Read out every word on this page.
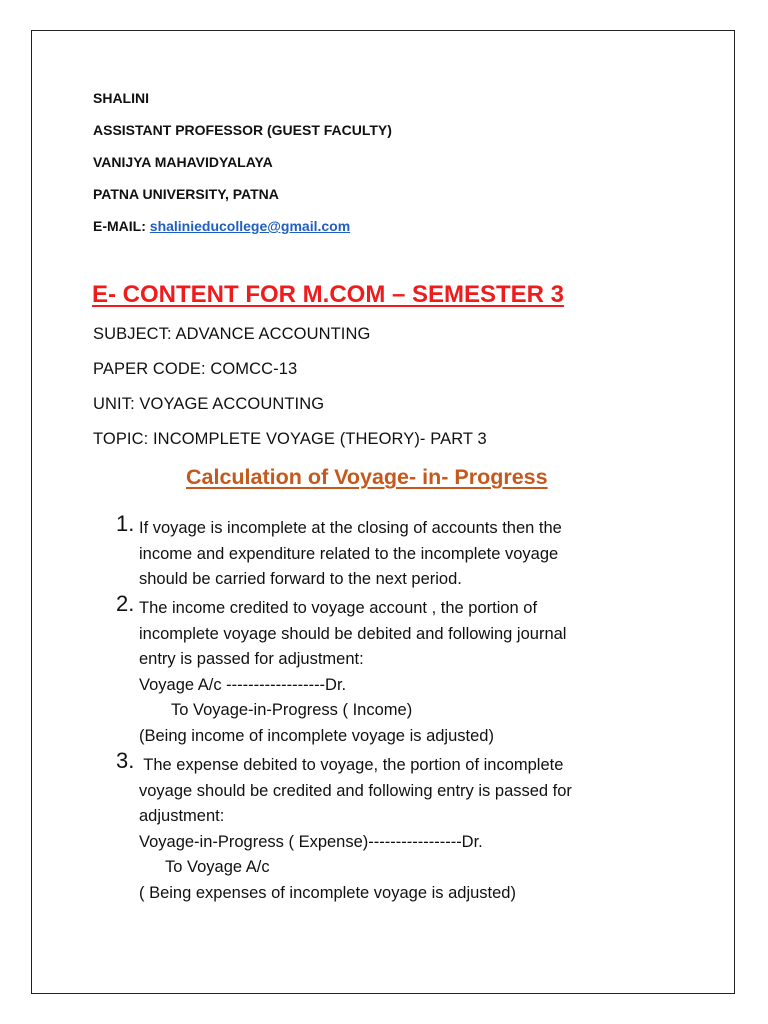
SHALINI
ASSISTANT PROFESSOR (GUEST FACULTY)
VANIJYA MAHAVIDYALAYA
PATNA UNIVERSITY, PATNA
E-MAIL: shalinieducollege@gmail.com
E- CONTENT FOR M.COM – SEMESTER 3
SUBJECT: ADVANCE ACCOUNTING
PAPER CODE: COMCC-13
UNIT: VOYAGE ACCOUNTING
TOPIC: INCOMPLETE VOYAGE (THEORY)- PART 3
Calculation of Voyage- in- Progress
1. If voyage is incomplete at the closing of accounts then the
income and expenditure related to the incomplete voyage
should be carried forward to the next period.
2. The income credited to voyage account , the portion of
incomplete voyage should be debited and following journal
entry is passed for adjustment:
Voyage A/c ------------------Dr.
To Voyage-in-Progress ( Income)
(Being income of incomplete voyage is adjusted)
3. The expense debited to voyage, the portion of incomplete
voyage should be credited and following entry is passed for
adjustment:
Voyage-in-Progress ( Expense)-----------------Dr.
To Voyage A/c
( Being expenses of incomplete voyage is adjusted)
